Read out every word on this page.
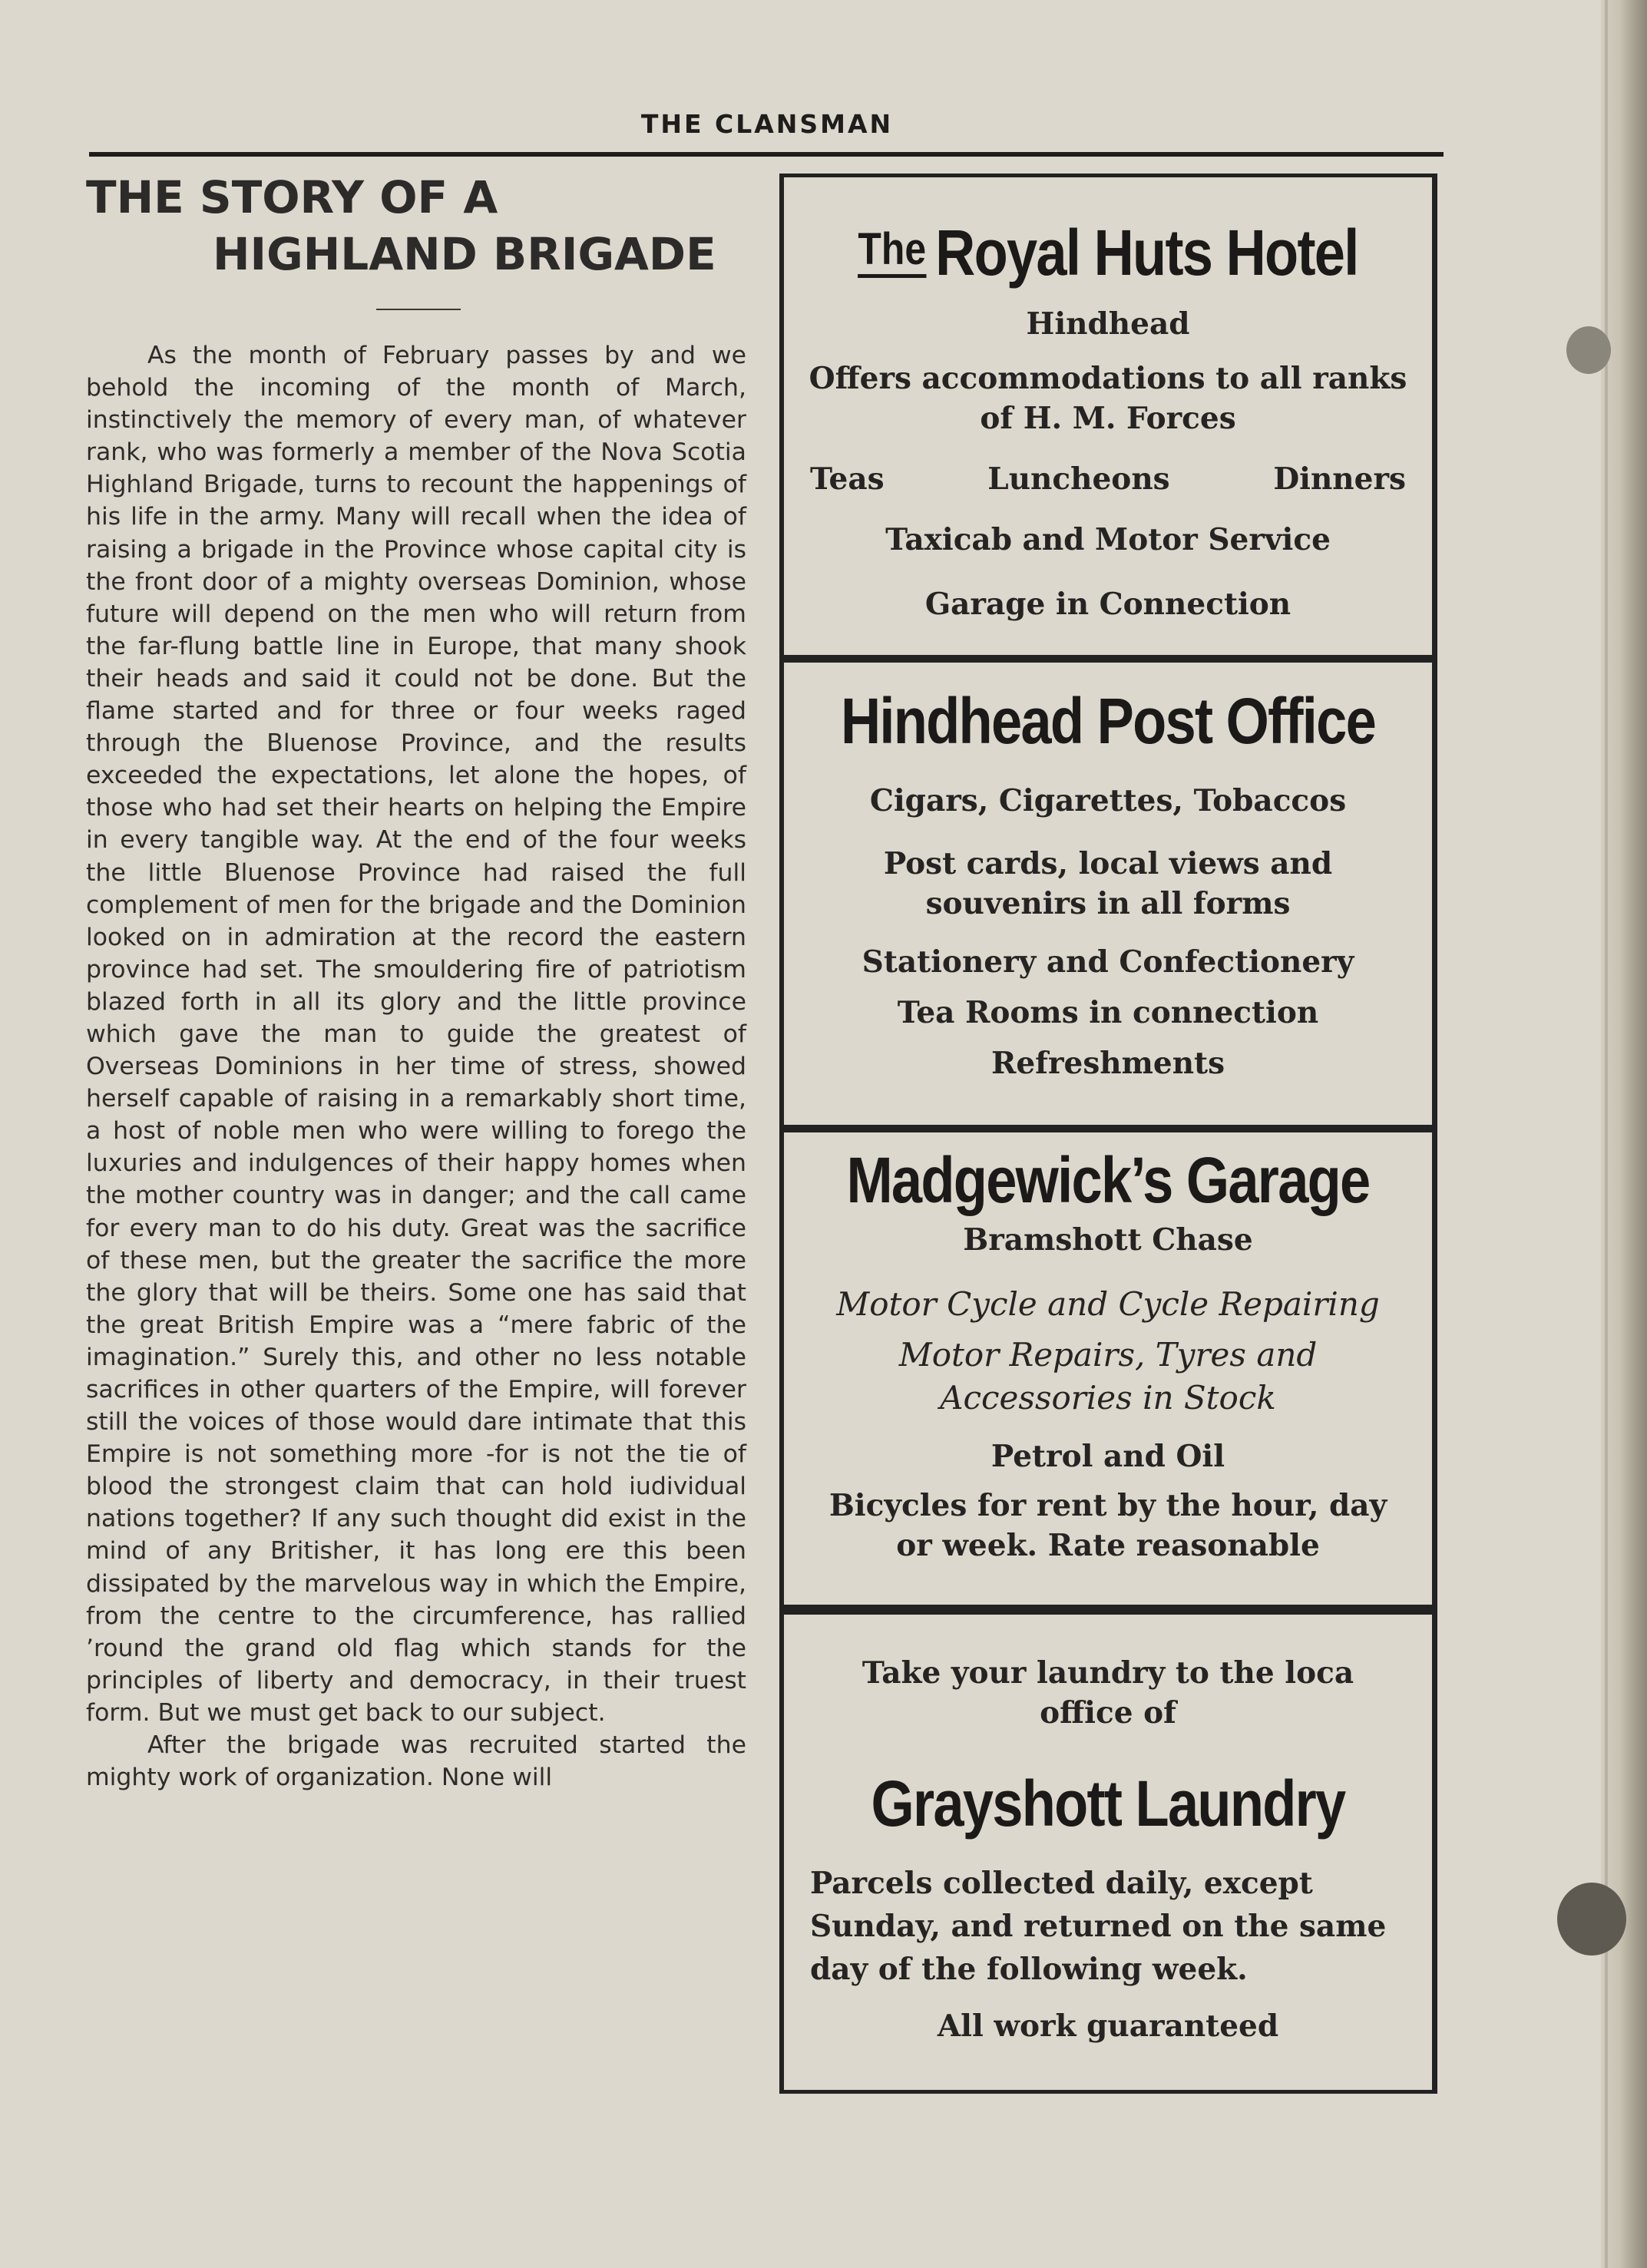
THE CLANSMAN
THE STORY OF A
HIGHLAND BRIGADE

As the month of February passes by and we behold the incoming of the month of March, instinctively the memory of every man, of whatever rank, who was formerly a member of the Nova Scotia Highland Brigade, turns to recount the happenings of his life in the army. Many will recall when the idea of raising a brigade in the Province whose capital city is the front door of a mighty overseas Dominion, whose future will depend on the men who will return from the far-flung battle line in Europe, that many shook their heads and said it could not be done. But the flame started and for three or four weeks raged through the Bluenose Province, and the results exceeded the expectations, let alone the hopes, of those who had set their hearts on helping the Empire in every tangible way. At the end of the four weeks the little Bluenose Province had raised the full complement of men for the brigade and the Dominion looked on in admiration at the record the eastern province had set. The smouldering fire of patriotism blazed forth in all its glory and the little province which gave the man to guide the greatest of Overseas Dominions in her time of stress, showed herself capable of raising in a remarkably short time, a host of noble men who were willing to forego the luxuries and indulgences of their happy homes when the mother country was in danger; and the call came for every man to do his duty. Great was the sacrifice of these men, but the greater the sacrifice the more the glory that will be theirs. Some one has said that the great British Empire was a “mere fabric of the imagination.” Surely this, and other no less notable sacrifices in other quarters of the Empire, will forever still the voices of those would dare intimate that this Empire is not something more -for is not the tie of blood the strongest claim that can hold iudividual nations together? If any such thought did exist in the mind of any Britisher, it has long ere this been dissipated by the marvelous way in which the Empire, from the centre to the circumference, has rallied ’round the grand old flag which stands for the principles of liberty and democracy, in their truest form. But we must get back to our subject.

After the brigade was recruited started the mighty work of organization. None will

The Royal Huts Hotel
Hindhead
Offers accommodations to all ranks of H. M. Forces
Teas	Luncheons	Dinners
Taxicab and Motor Service
Garage in Connection
Hindhead Post Office
Cigars, Cigarettes, Tobaccos
Post cards, local views and souvenirs in all forms
Stationery and Confectionery
Tea Rooms in connection
Refreshments
Madgewick’s Garage
Bramshott Chase
Motor Cycle and Cycle Repairing
Motor Repairs, Tyres and Accessories in Stock
Petrol and Oil
Bicycles for rent by the hour, day or week. Rate reasonable
Take your laundry to the loca office of
Grayshott Laundry
Parcels collected daily, except Sunday, and returned on the same day of the following week.
All work guaranteed
